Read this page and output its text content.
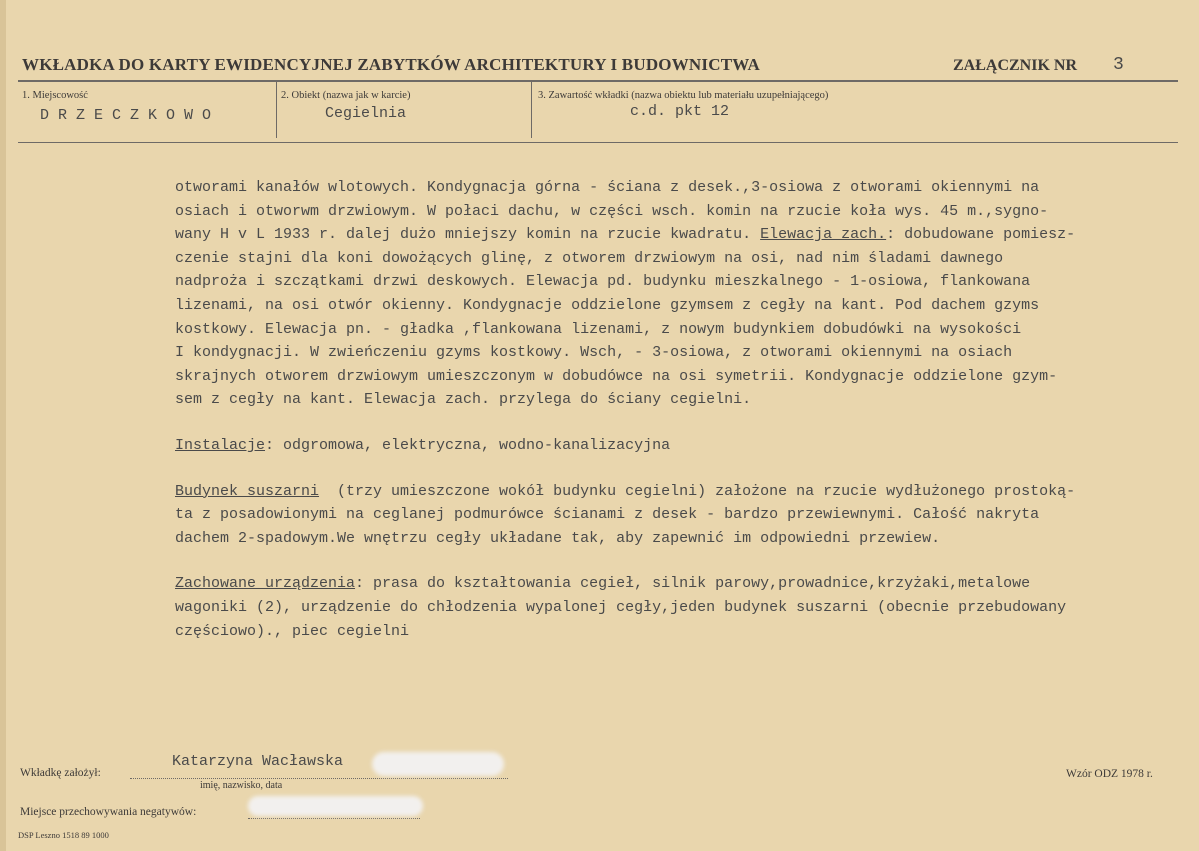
WKŁADKA DO KARTY EWIDENCYJNEJ ZABYTKÓW ARCHITEKTURY I BUDOWNICTWA	ZAŁĄCZNIK NR 3
1. Miejscowość	2. Obiekt (nazwa jak w karcie)	3. Zawartość wkładki (nazwa obiektu lub materiału uzupełniającego)
DRZECZKOWO	Cegielnia	c.d. pkt 12

otworami kanałów wlotowych. Kondygnacja górna - ściana z desek.,3-osiowa z otworami okiennymi na
osiach i otworwm drzwiowym. W połaci dachu, w części wsch. komin na rzucie koła wys. 45 m.,sygno-
wany H v L 1933 r. dalej dużo mniejszy komin na rzucie kwadratu. Elewacja zach.: dobudowane pomiesz-
czenie stajni dla koni dowożących glinę, z otworem drzwiowym na osi, nad nim śladami dawnego
nadproża i szczątkami drzwi deskowych. Elewacja pd. budynku mieszkalnego - 1-osiowa, flankowana
lizenami, na osi otwór okienny. Kondygnacje oddzielone gzymsem z cegły na kant. Pod dachem gzyms
kostkowy. Elewacja pn. - gładka ,flankowana lizenami, z nowym budynkiem dobudówki na wysokości
I kondygnacji. W zwieńczeniu gzyms kostkowy. Wsch, - 3-osiowa, z otworami okiennymi na osiach
skrajnych otworem drzwiowym umieszczonym w dobudówce na osi symetrii. Kondygnacje oddzielone gzym-
sem z cegły na kant. Elewacja zach. przylega do ściany cegielni.

Instalacje: odgromowa, elektryczna, wodno-kanalizacyjna

Budynek suszarni  (trzy umieszczone wokół budynku cegielni) założone na rzucie wydłużonego prostoką-
ta z posadowionymi na ceglanej podmurówce ścianami z desek - bardzo przewiewnymi. Całość nakryta
dachem 2-spadowym.We wnętrzu cegły układane tak, aby zapewnić im odpowiedni przewiew.

Zachowane urządzenia: prasa do kształtowania cegieł, silnik parowy,prowadnice,krzyżaki,metalowe
wagoniki (2), urządzenie do chłodzenia wypalonej cegły,jeden budynek suszarni (obecnie przebudowany
częściowo)., piec cegielni

Wkładkę założył:
Katarzyna Wacławska
imię, nazwisko, data
Wzór ODZ 1978 r.
Miejsce przechowywania negatywów:
DSP Leszno 1518 89 1000
